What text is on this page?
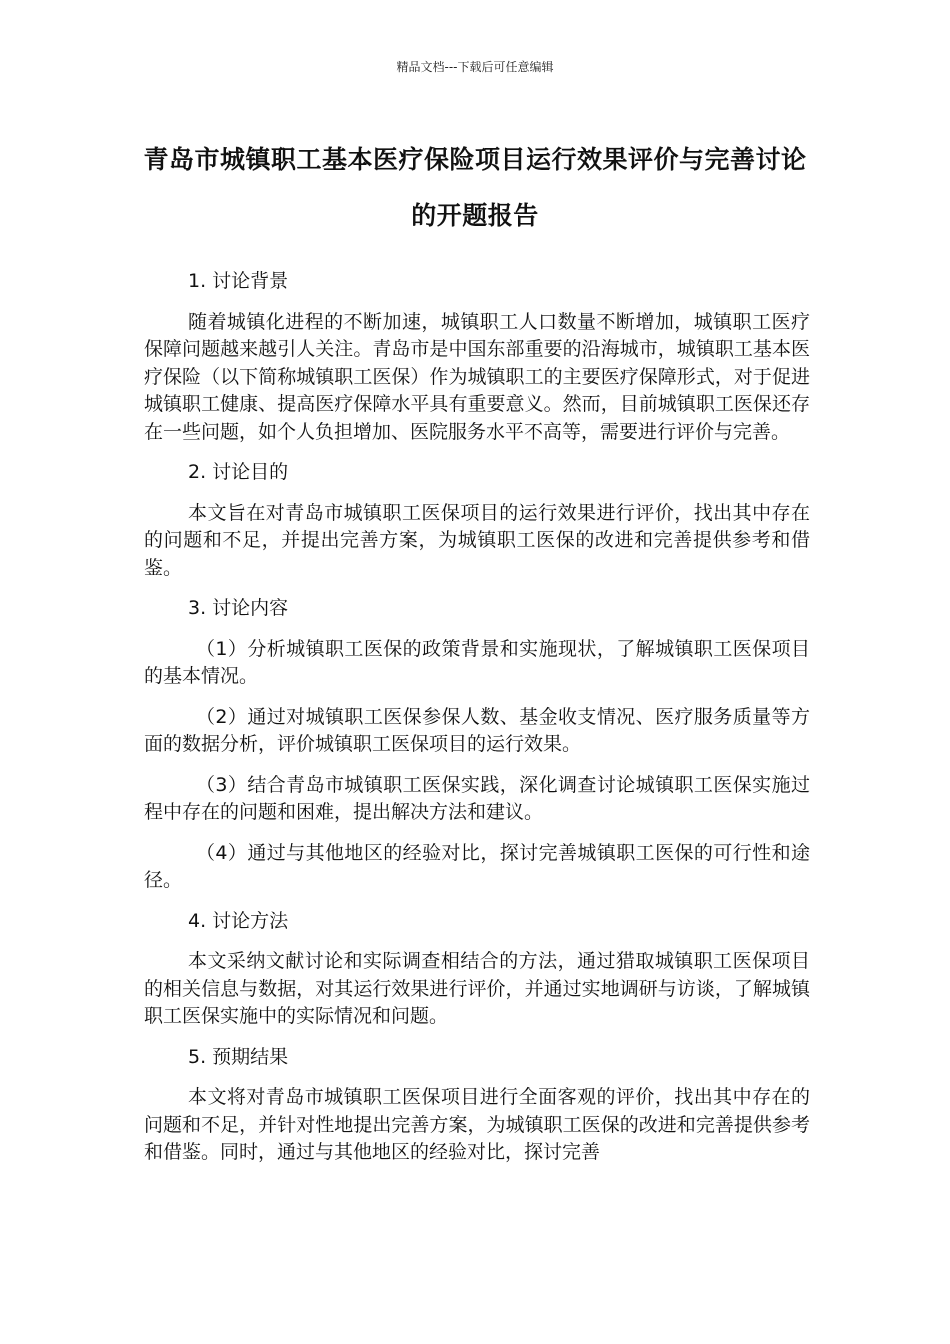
精品文档---下载后可任意编辑
青岛市城镇职工基本医疗保险项目运行效果评价与完善讨论的开题报告
1. 讨论背景
随着城镇化进程的不断加速，城镇职工人口数量不断增加，城镇职工医疗保障问题越来越引人关注。青岛市是中国东部重要的沿海城市，城镇职工基本医疗保险（以下简称城镇职工医保）作为城镇职工的主要医疗保障形式，对于促进城镇职工健康、提高医疗保障水平具有重要意义。然而，目前城镇职工医保还存在一些问题，如个人负担增加、医院服务水平不高等，需要进行评价与完善。
2. 讨论目的
本文旨在对青岛市城镇职工医保项目的运行效果进行评价，找出其中存在的问题和不足，并提出完善方案，为城镇职工医保的改进和完善提供参考和借鉴。
3. 讨论内容
（1）分析城镇职工医保的政策背景和实施现状，了解城镇职工医保项目的基本情况。
（2）通过对城镇职工医保参保人数、基金收支情况、医疗服务质量等方面的数据分析，评价城镇职工医保项目的运行效果。
（3）结合青岛市城镇职工医保实践，深化调查讨论城镇职工医保实施过程中存在的问题和困难，提出解决方法和建议。
（4）通过与其他地区的经验对比，探讨完善城镇职工医保的可行性和途径。
4. 讨论方法
本文采纳文献讨论和实际调查相结合的方法，通过猎取城镇职工医保项目的相关信息与数据，对其运行效果进行评价，并通过实地调研与访谈，了解城镇职工医保实施中的实际情况和问题。
5. 预期结果
本文将对青岛市城镇职工医保项目进行全面客观的评价，找出其中存在的问题和不足，并针对性地提出完善方案，为城镇职工医保的改进和完善提供参考和借鉴。同时，通过与其他地区的经验对比，探讨完善
